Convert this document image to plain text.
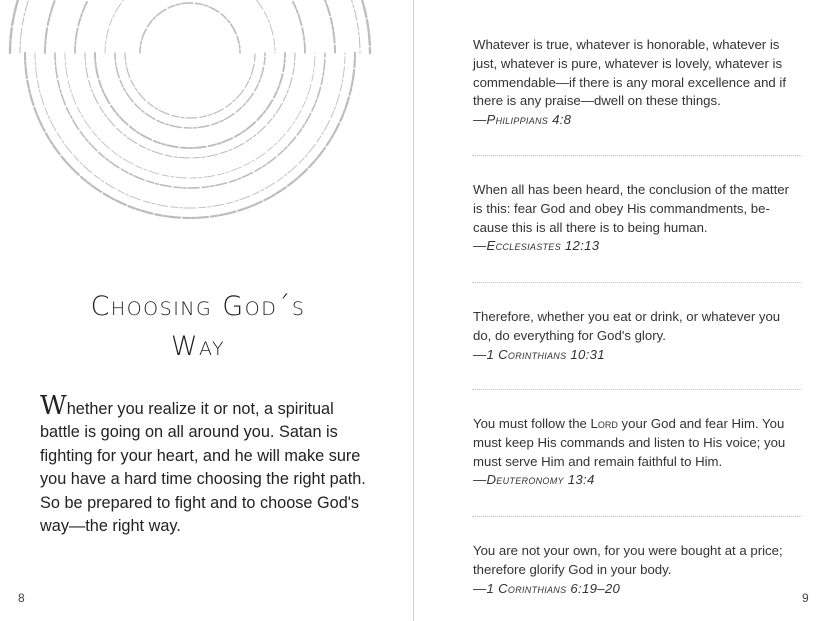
Choosing God´s
Way

Whether you realize it or not, a spiritual battle is going on all around you. Satan is fighting for your heart, and he will make sure you have a hard time choosing the right path. So be prepared to fight and to choose God's way—the right way.

8

Whatever is true, whatever is honorable, whatever is just, whatever is pure, whatever is lovely, whatever is commendable—if there is any moral excellence and if there is any praise—dwell on these things.
—Philippians 4:8

When all has been heard, the conclusion of the matter is this: fear God and obey His commandments, be-cause this is all there is to being human.
—Ecclesiastes 12:13

Therefore, whether you eat or drink, or whatever you do, do everything for God's glory.
—1 Corinthians 10:31

You must follow the Lord your God and fear Him. You must keep His commands and listen to His voice; you must serve Him and remain faithful to Him.
—Deuteronomy 13:4

You are not your own, for you were bought at a price; therefore glorify God in your body.
—1 Corinthians 6:19–20

9
